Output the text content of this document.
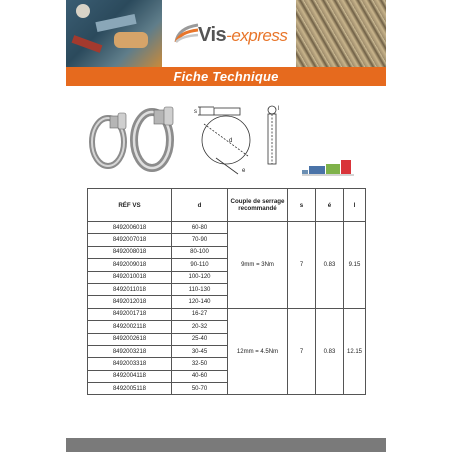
Vis-express
Fiche Technique
s
d
e
l
RÉF VS	d	Couple de serrage recommandé	s	é	l
8492006018	60-80	9mm = 3Nm	7	0.83	9.15
8492007018	70-90				
8492008018	80-100				
8492009018	90-110				
8492010018	100-120				
8492011018	110-130				
8492012018	120-140				
8492001718	16-27	12mm = 4.5Nm	7	0.83	12.15
8492002118	20-32				
8492002618	25-40				
8492003218	30-45				
8492003318	32-50				
8492004118	40-60				
8492005118	50-70				
